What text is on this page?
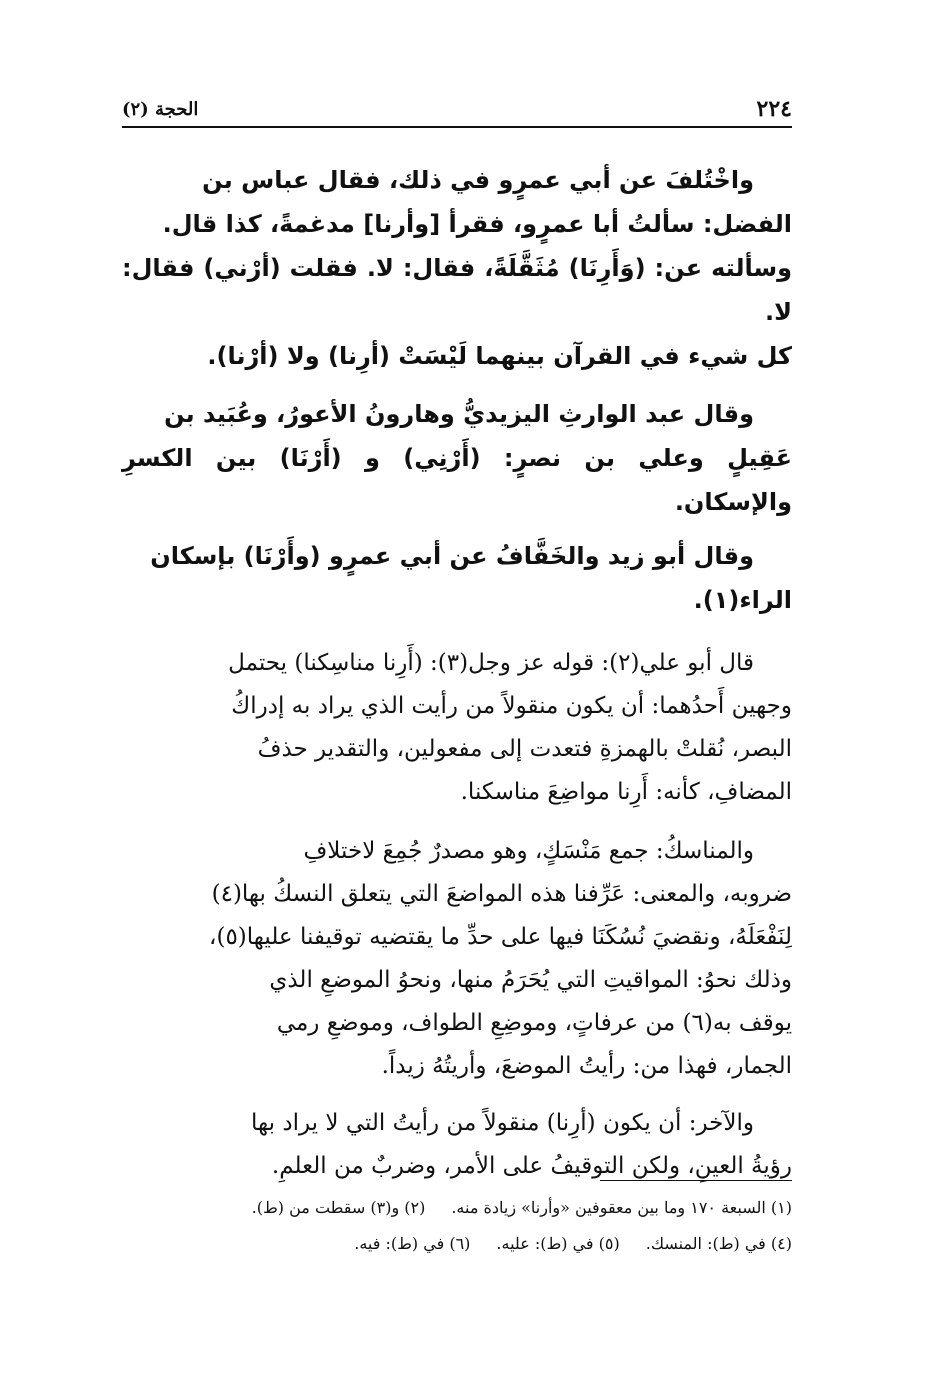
٢٢٤
الحجة (٢)
واخْتُلفَ عن أبي عمرٍو في ذلك، فقال عباس بن
الفضل: سألتُ أبا عمرٍو، فقرأ [وأرنا] مدغمةً، كذا قال.
وسألته عن: (وَأَرِنَا) مُثَقَّلَةً، فقال: لا. فقلت (أرْني) فقال: لا.
كل شيء في القرآن بينهما لَيْسَتْ (أرِنا) ولا (أرْنا).
وقال عبد الوارثِ اليزيديُّ وهارونُ الأعورُ، وعُبَيد بن
عَقِيلٍ وعلي بن نصرٍ: (أَرْنِي) و (أَرْنَا) بين الكسرِ والإسكان.
وقال أبو زيد والخَفَّافُ عن أبي عمرٍو (وأَرْنَا) بإسكان
الراء(١).
قال أبو علي(٢): قوله عز وجل(٣): (أَرِنا مناسِكنا) يحتمل
وجهين أَحدُهما: أن يكون منقولاً من رأيت الذي يراد به إدراكُ
البصر، نُقلتْ بالهمزةِ فتعدت إلى مفعولين، والتقدير حذفُ
المضافِ، كأنه: أَرِنا مواضِعَ مناسكنا.
والمناسكُ: جمع مَنْسَكٍ، وهو مصدرٌ جُمِعَ لاختلافِ
ضروبه، والمعنى: عَرِّفنا هذه المواضعَ التي يتعلق النسكُ بها(٤)
لِنَفْعَلَهُ، ونقضيَ نُسُكَنَا فيها على حدِّ ما يقتضيه توقيفنا عليها(٥)،
وذلك نحوُ: المواقيتِ التي يُحَرَمُ منها، ونحوُ الموضعِ الذي
يوقف به(٦) من عرفاتٍ، وموضِعِ الطواف، وموضعِ رمي
الجمار، فهذا من: رأيتُ الموضعَ، وأريتُهُ زيداً.
والآخر: أن يكون (أرِنا) منقولاً من رأيتُ التي لا يراد بها
رؤيةُ العينِ، ولكن التوقيفُ على الأمر، وضربٌ من العلمِ.
(١) السبعة ١٧٠ وما بين معقوفين «وأرنا» زيادة منه.(٢) و(٣) سقطت من (ط).
(٤) في (ط): المنسك.(٥) في (ط): عليه.(٦) في (ط): فيه.
